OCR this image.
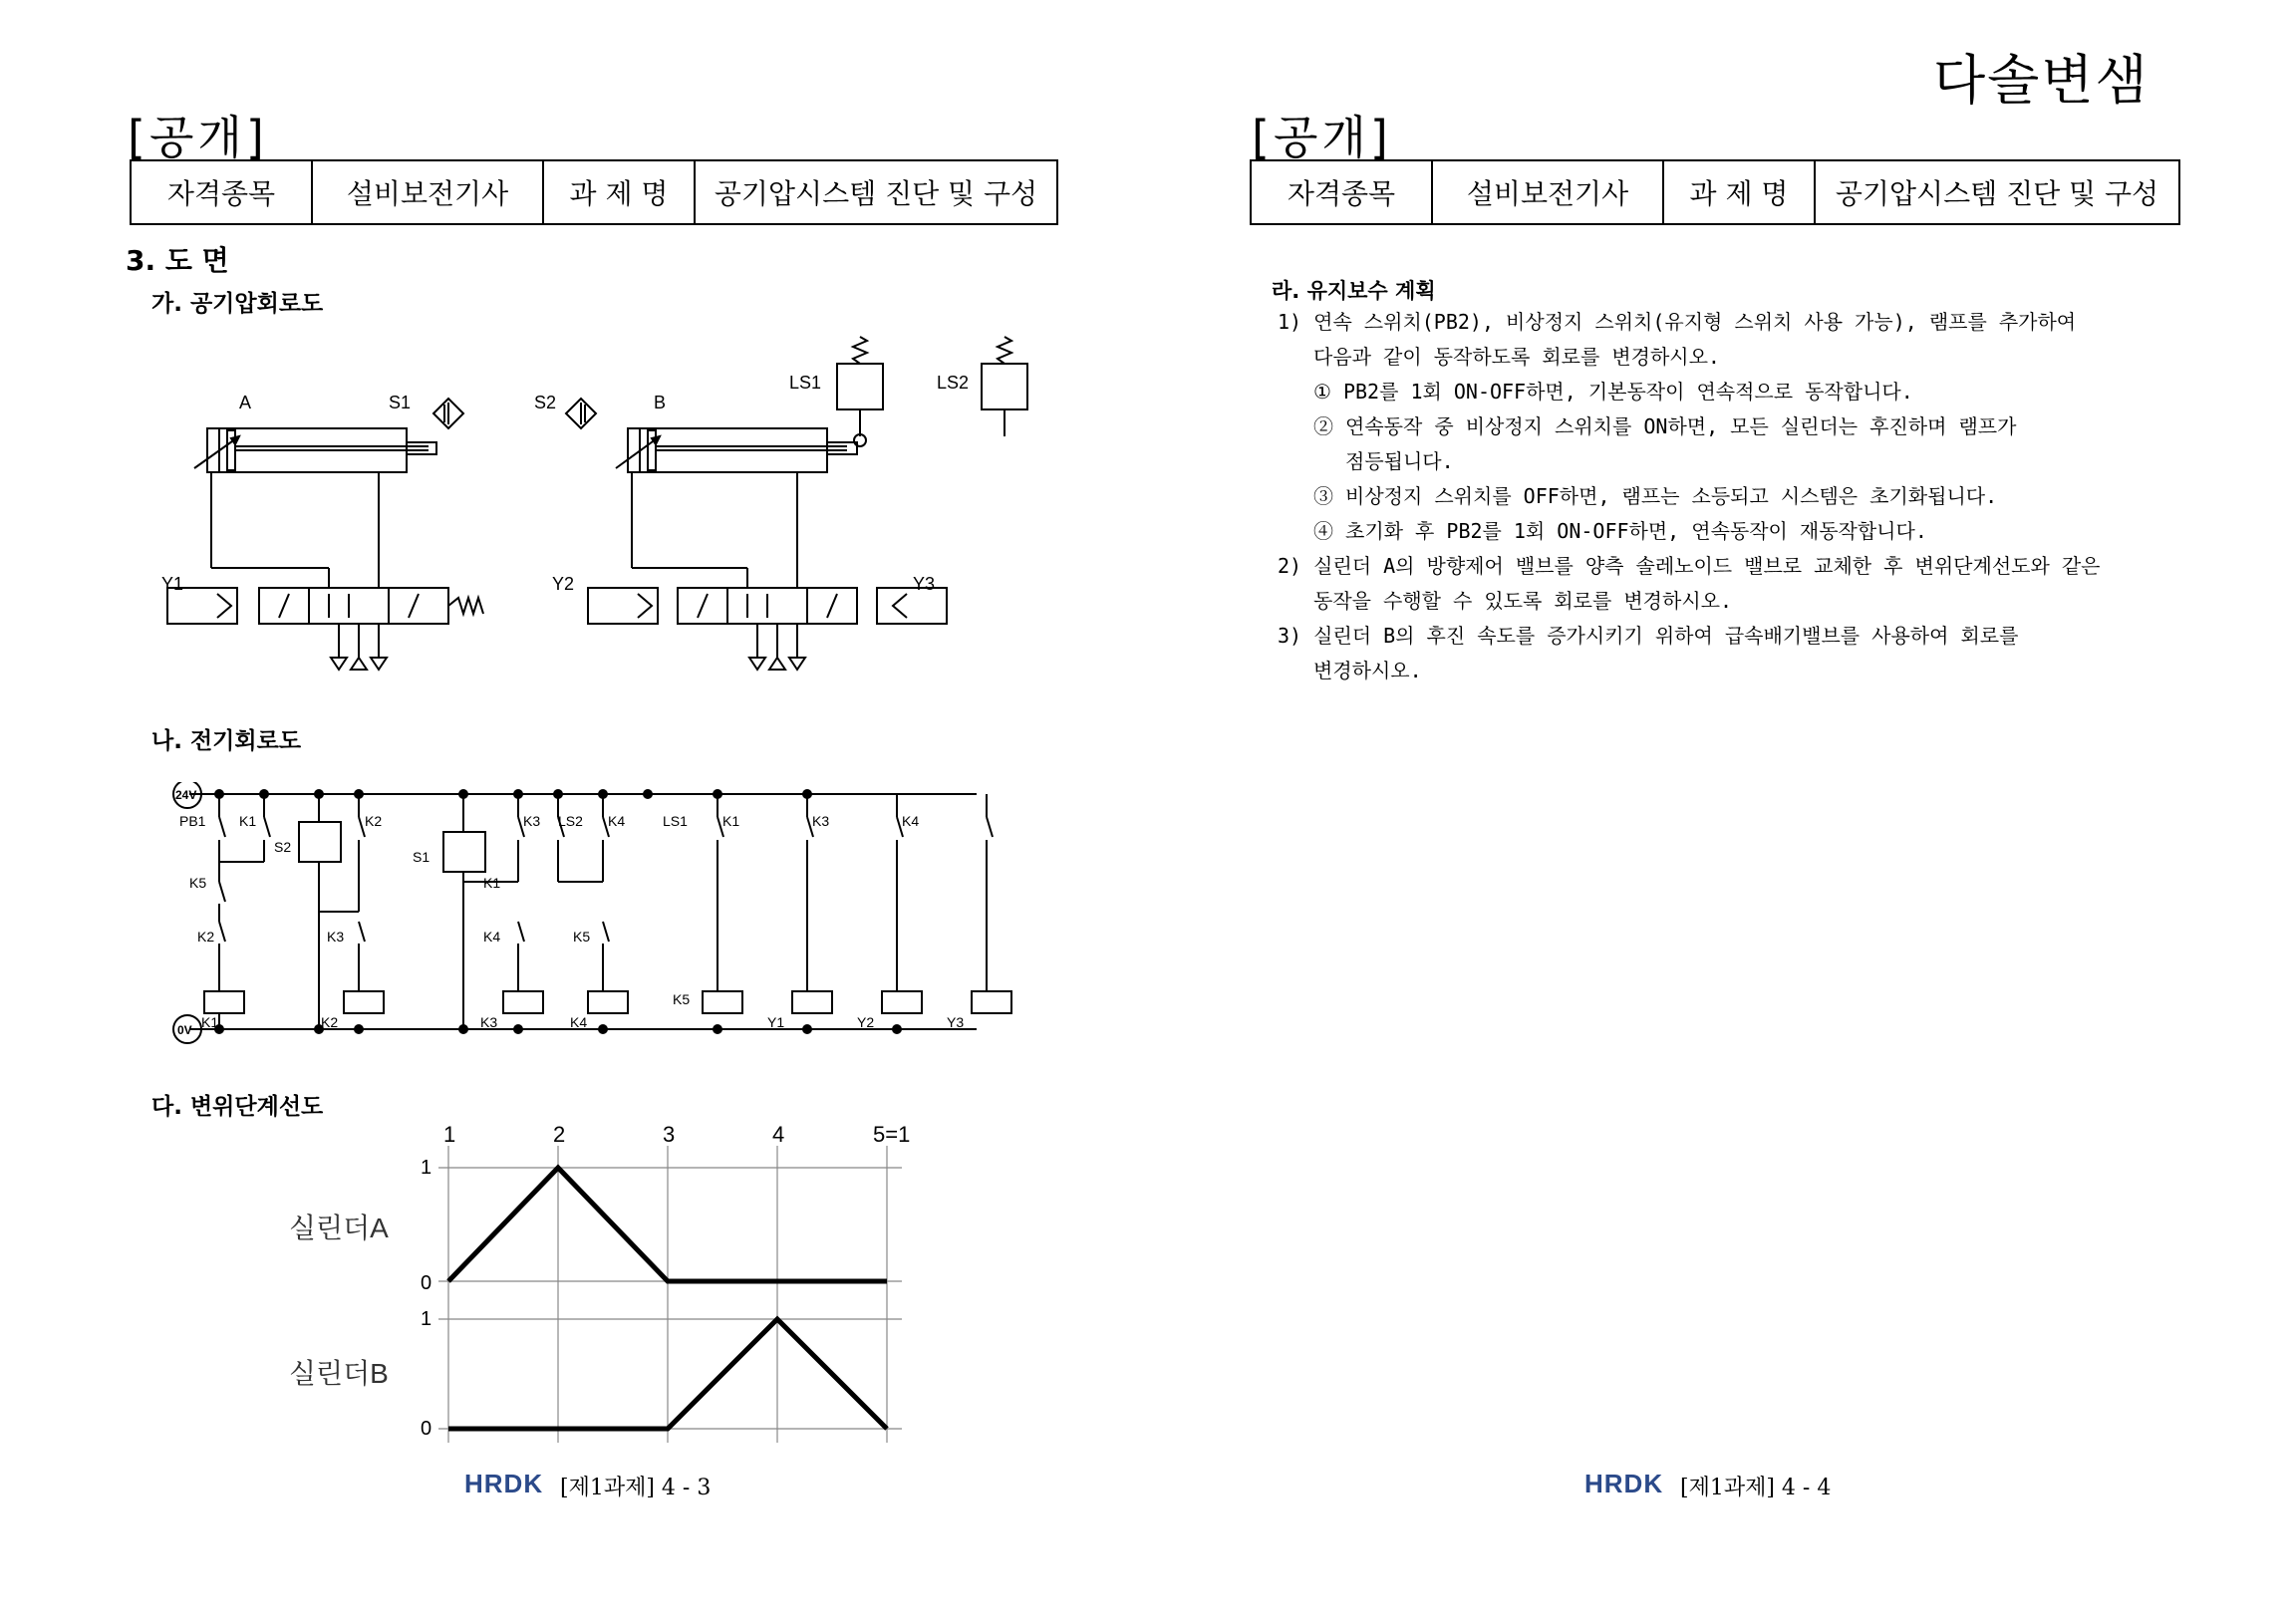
다솔변샘
[공개]
자격종목	설비보전기사	과 제 명	공기압시스템 진단 및 구성
3. 도 면
가. 공기압회로도
나. 전기회로도
다. 변위단계선도
A	S1	S2	B
LS1	LS2
Y1	Y2	Y3
24V
0V
PB1 K1
S2
K2
S1
K3 LS2 K4	LS1	K1	K3	K4
K5	K1
K2	K3	K4	K5
K1	K2	K3	K4
K5
Y1	Y2	Y3
1	2	3	4	5=1
실린더A
실린더B
1
0
1
0
HRDK [제1과제] 4 - 3
[공개]
자격종목	설비보전기사	과 제 명	공기압시스템 진단 및 구성
라. 유지보수 계획
1) 연속 스위치(PB2), 비상정지 스위치(유지형 스위치 사용 가능), 램프를 추가하여
다음과 같이 동작하도록 회로를 변경하시오.
① PB2를 1회 ON-OFF하면, 기본동작이 연속적으로 동작합니다.
② 연속동작 중 비상정지 스위치를 ON하면, 모든 실린더는 후진하며 램프가
점등됩니다.
③ 비상정지 스위치를 OFF하면, 램프는 소등되고 시스템은 초기화됩니다.
④ 초기화 후 PB2를 1회 ON-OFF하면, 연속동작이 재동작합니다.
2) 실린더 A의 방향제어 밸브를 양측 솔레노이드 밸브로 교체한 후 변위단계선도와 같은
동작을 수행할 수 있도록 회로를 변경하시오.
3) 실린더 B의 후진 속도를 증가시키기 위하여 급속배기밸브를 사용하여 회로를
변경하시오.
HRDK [제1과제] 4 - 4
